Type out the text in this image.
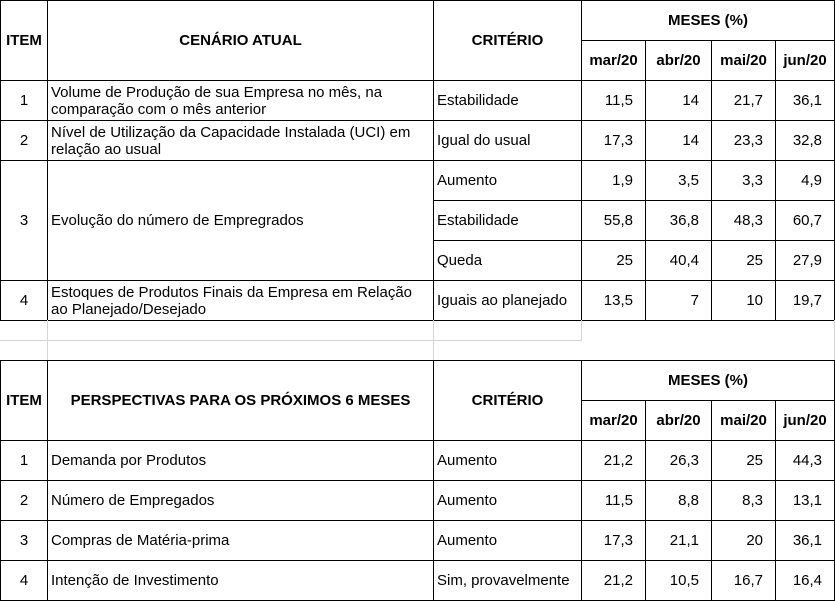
ITEM	CENÁRIO ATUAL	CRITÉRIO	MESES (%)			
			mar/20	abr/20	mai/20	jun/20
1	Volume de Produção de sua Empresa no mês, na comparação com o mês anterior	Estabilidade	11,5	14	21,7	36,1
2	Nível de Utilização da Capacidade Instalada (UCI) em relação ao usual	Igual do usual	17,3	14	23,3	32,8
3	Evolução do número de Empregrados	Aumento	1,9	3,5	3,3	4,9
		Estabilidade	55,8	36,8	48,3	60,7
		Queda	25	40,4	25	27,9
4	Estoques de Produtos Finais da Empresa em Relação ao Planejado/Desejado	Iguais ao planejado	13,5	7	10	19,7
ITEM	PERSPECTIVAS PARA OS PRÓXIMOS 6 MESES	CRITÉRIO	MESES (%)			
			mar/20	abr/20	mai/20	jun/20
1	Demanda por Produtos	Aumento	21,2	26,3	25	44,3
2	Número de Empregados	Aumento	11,5	8,8	8,3	13,1
3	Compras de Matéria-prima	Aumento	17,3	21,1	20	36,1
4	Intenção de Investimento	Sim, provavelmente	21,2	10,5	16,7	16,4
